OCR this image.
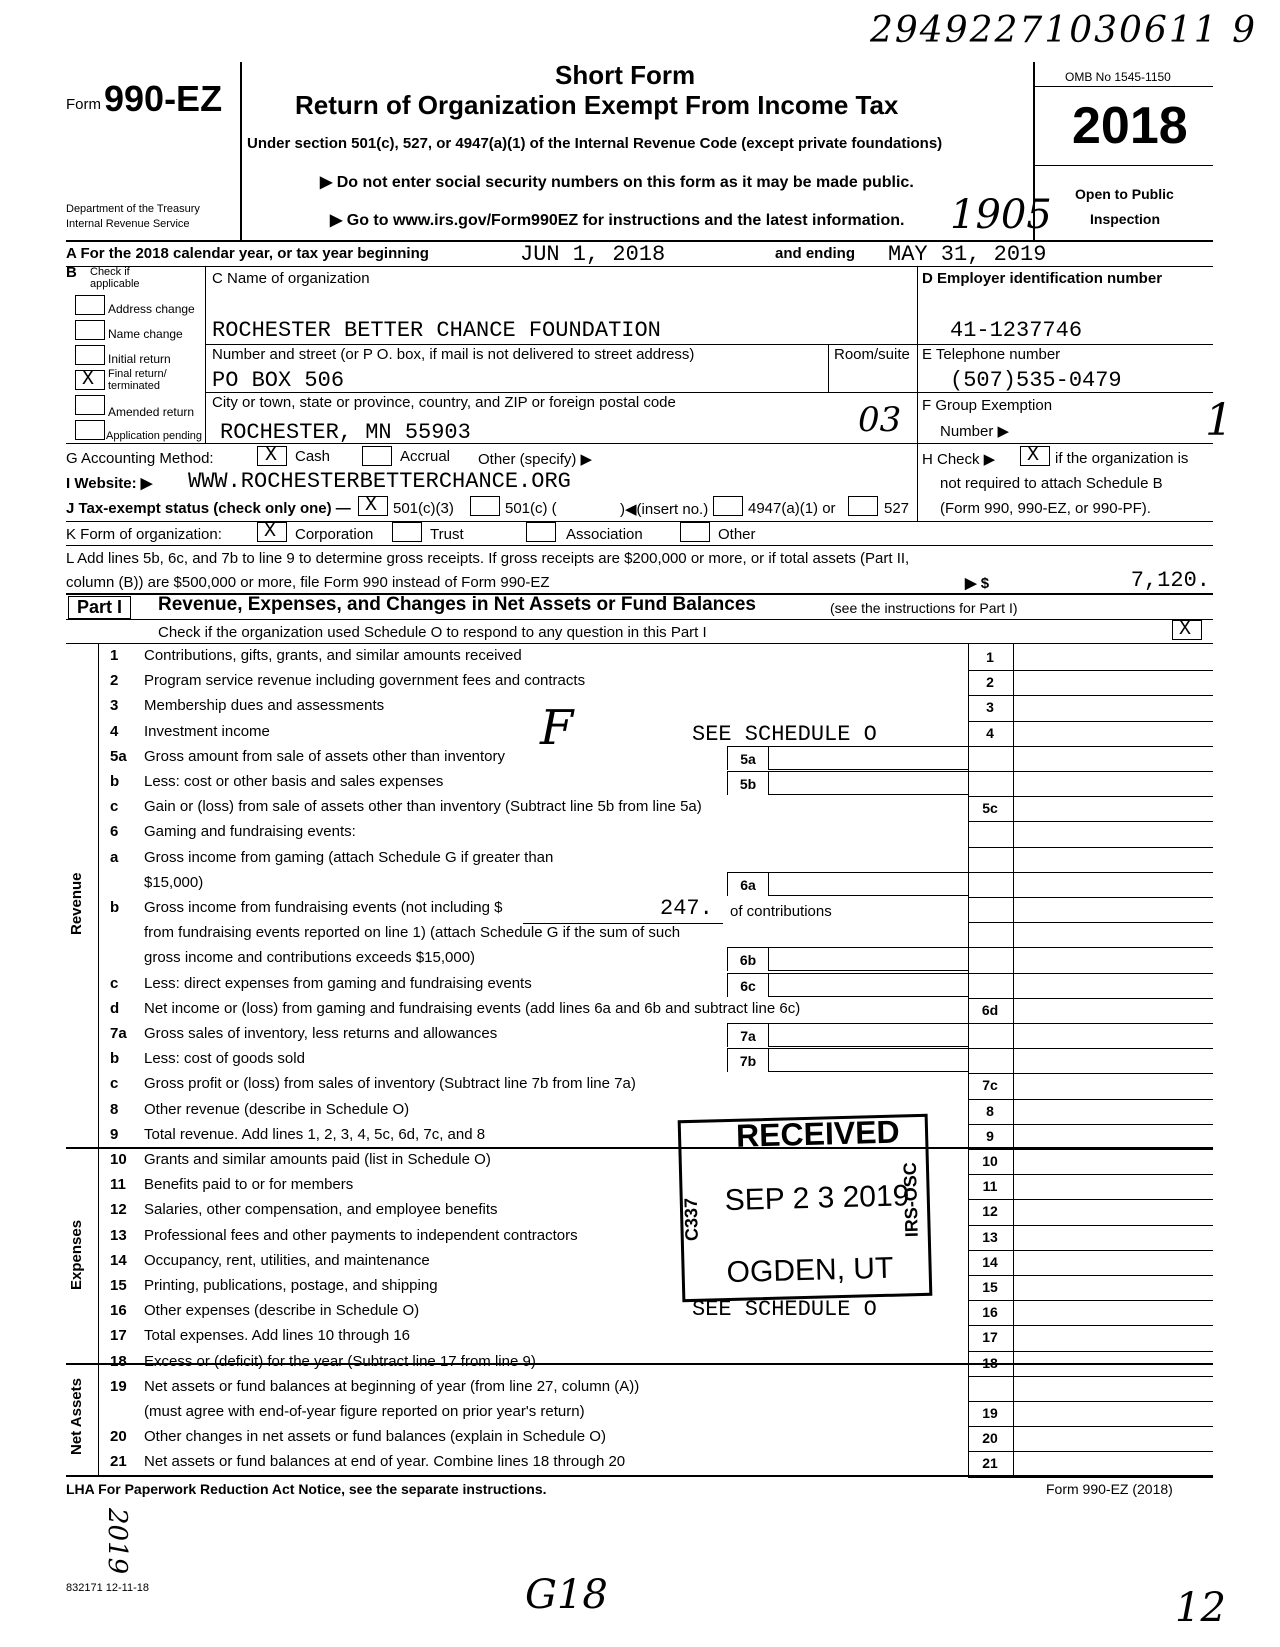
29492271030611 9
Form 990-EZ
Department of the Treasury
Internal Revenue Service
Short Form
Return of Organization Exempt From Income Tax
Under section 501(c), 527, or 4947(a)(1) of the Internal Revenue Code (except private foundations)
▶ Do not enter social security numbers on this form as it may be made public.
▶ Go to www.irs.gov/Form990EZ for instructions and the latest information. 1905
OMB No 1545-1150
2018
Open to Public
Inspection
A For the 2018 calendar year, or tax year beginning	JUN 1, 2018	and ending MAY 31, 2019
B Check if applicable
Address change
Name change
Initial return
X Final return/ terminated
Amended return
Application pending
C Name of organization
ROCHESTER BETTER CHANCE FOUNDATION
Number and street (or P O. box, if mail is not delivered to street address)	Room/suite
PO BOX 506
City or town, state or province, country, and ZIP or foreign postal code
ROCHESTER, MN 55903	03
D Employer identification number
41-1237746
E Telephone number
(507)535-0479
F Group Exemption
Number ▶	1
G Accounting Method:	X Cash	Accrual Other (specify) ▶	H Check ▶ X if the organization is
not required to attach Schedule B
(Form 990, 990-EZ, or 990-PF).
I Website: ▶ WWW.ROCHESTERBETTERCHANCE.ORG
J Tax-exempt status (check only one) — X 501(c)(3)	501(c) (	)◀(insert no.)	4947(a)(1) or	527
K Form of organization: X Corporation	Trust	Association	Other
L Add lines 5b, 6c, and 7b to line 9 to determine gross receipts. If gross receipts are $200,000 or more, or if total assets (Part II,
column (B)) are $500,000 or more, file Form 990 instead of Form 990-EZ	▶ $	7,120.
Part I	Revenue, Expenses, and Changes in Net Assets or Fund Balances	(see the instructions for Part I)
Check if the organization used Schedule O to respond to any question in this Part I	X
1 Contributions, gifts, grants, and similar amounts received	1
2 Program service revenue including government fees and contracts	2
3 Membership dues and assessments	3
4 Investment income	4
5a Gross amount from sale of assets other than inventory	5a
b Less: cost or other basis and sales expenses	5b
c Gain or (loss) from sale of assets other than inventory (Subtract line 5b from line 5a)	5c
6 Gaming and fundraising events:
a Gross income from gaming (attach Schedule G if greater than
$15,000)	6a
b Gross income from fundraising events (not including $
from fundraising events reported on line 1) (attach Schedule G if the sum of such
gross income and contributions exceeds $15,000)	6b
c Less: direct expenses from gaming and fundraising events	6c
d Net income or (loss) from gaming and fundraising events (add lines 6a and 6b and subtract line 6c)	6d
7a Gross sales of inventory, less returns and allowances	7a
b Less: cost of goods sold	7b
c Gross profit or (loss) from sales of inventory (Subtract line 7b from line 7a)	7c
8 Other revenue (describe in Schedule O)	8
9 Total revenue. Add lines 1, 2, 3, 4, 5c, 6d, 7c, and 8	9
10 Grants and similar amounts paid (list in Schedule O)	10
11 Benefits paid to or for members	11
12 Salaries, other compensation, and employee benefits	12
13 Professional fees and other payments to independent contractors	13
14 Occupancy, rent, utilities, and maintenance	14
15 Printing, publications, postage, and shipping	15
16 Other expenses (describe in Schedule O)	16
17 Total expenses. Add lines 10 through 16	17
18 Excess or (deficit) for the year (Subtract line 17 from line 9)	18
19 Net assets or fund balances at beginning of year (from line 27, column (A))
(must agree with end-of-year figure reported on prior year's return)	19
20 Other changes in net assets or fund balances (explain in Schedule O)	20
21 Net assets or fund balances at end of year. Combine lines 18 through 20	21
Revenue
Expenses
Net Assets
SEE SCHEDULE O
F
247. of contributions
SEE SCHEDULE O
RECEIVED
SEP 2 3 2019
OGDEN, UT
C337	IRS-OSC
LHA For Paperwork Reduction Act Notice, see the separate instructions.	Form 990-EZ (2018)
832171 12-11-18
2019
G18	12
